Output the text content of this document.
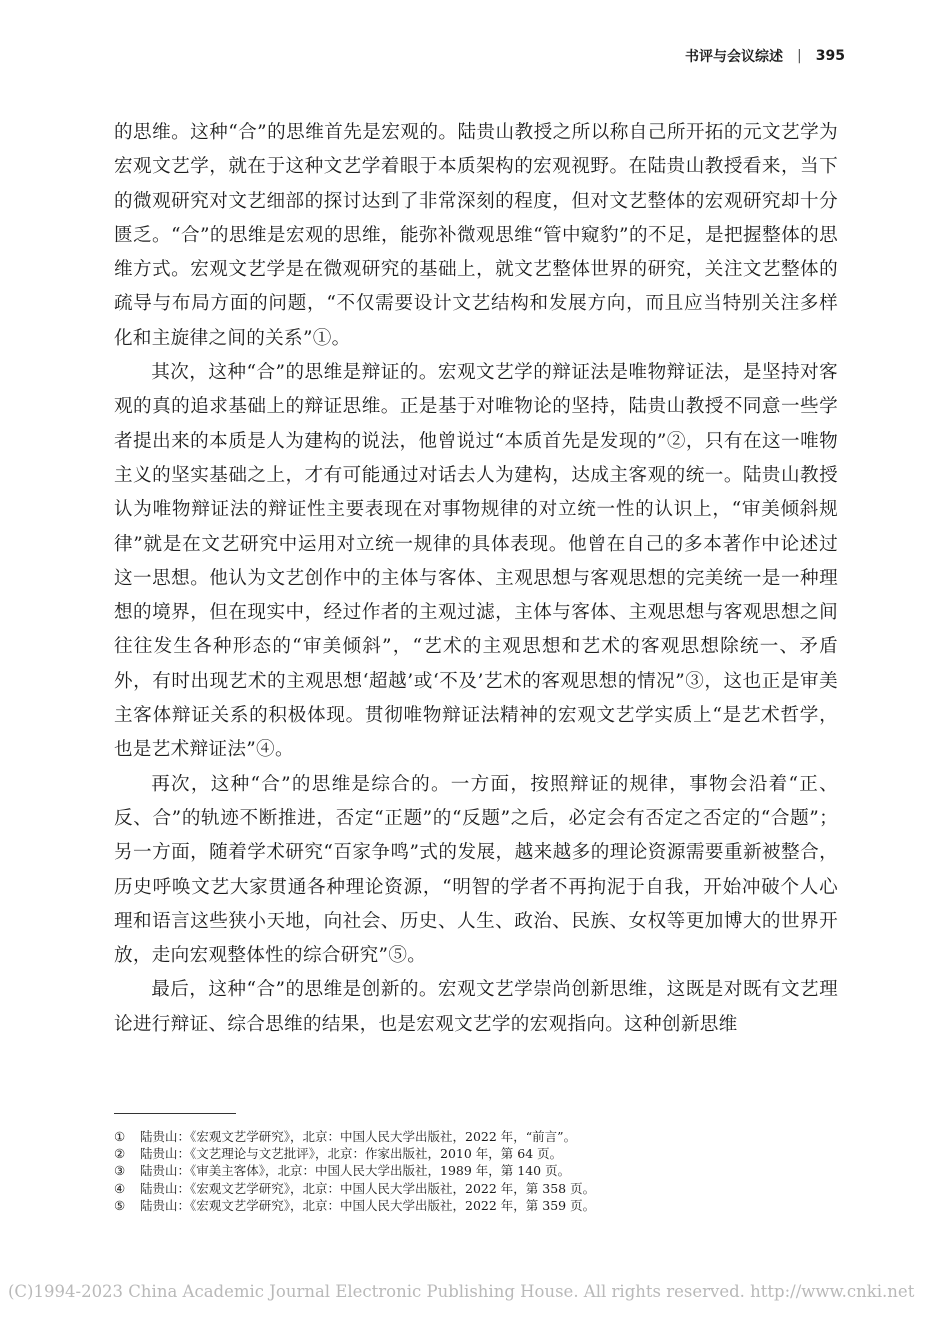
书评与会议综述 | 395

的思维。这种“合”的思维首先是宏观的。陆贵山教授之所以称自己所开拓的元文艺学为宏观文艺学，就在于这种文艺学着眼于本质架构的宏观视野。在陆贵山教授看来，当下的微观研究对文艺细部的探讨达到了非常深刻的程度，但对文艺整体的宏观研究却十分匮乏。“合”的思维是宏观的思维，能弥补微观思维“管中窥豹”的不足，是把握整体的思维方式。宏观文艺学是在微观研究的基础上，就文艺整体世界的研究，关注文艺整体的疏导与布局方面的问题，“不仅需要设计文艺结构和发展方向，而且应当特别关注多样化和主旋律之间的关系”①。

其次，这种“合”的思维是辩证的。宏观文艺学的辩证法是唯物辩证法，是坚持对客观的真的追求基础上的辩证思维。正是基于对唯物论的坚持，陆贵山教授不同意一些学者提出来的本质是人为建构的说法，他曾说过“本质首先是发现的”②，只有在这一唯物主义的坚实基础之上，才有可能通过对话去人为建构，达成主客观的统一。陆贵山教授认为唯物辩证法的辩证性主要表现在对事物规律的对立统一性的认识上，“审美倾斜规律”就是在文艺研究中运用对立统一规律的具体表现。他曾在自己的多本著作中论述过这一思想。他认为文艺创作中的主体与客体、主观思想与客观思想的完美统一是一种理想的境界，但在现实中，经过作者的主观过滤，主体与客体、主观思想与客观思想之间往往发生各种形态的“审美倾斜”，“艺术的主观思想和艺术的客观思想除统一、矛盾外，有时出现艺术的主观思想‘超越’或‘不及’艺术的客观思想的情况”③，这也正是审美主客体辩证关系的积极体现。贯彻唯物辩证法精神的宏观文艺学实质上“是艺术哲学，也是艺术辩证法”④。

再次，这种“合”的思维是综合的。一方面，按照辩证的规律，事物会沿着“正、反、合”的轨迹不断推进，否定“正题”的“反题”之后，必定会有否定之否定的“合题”；另一方面，随着学术研究“百家争鸣”式的发展，越来越多的理论资源需要重新被整合，历史呼唤文艺大家贯通各种理论资源，“明智的学者不再拘泥于自我，开始冲破个人心理和语言这些狭小天地，向社会、历史、人生、政治、民族、女权等更加博大的世界开放，走向宏观整体性的综合研究”⑤。

最后，这种“合”的思维是创新的。宏观文艺学崇尚创新思维，这既是对既有文艺理论进行辩证、综合思维的结果，也是宏观文艺学的宏观指向。这种创新思维

①	陆贵山：《宏观文艺学研究》，北京：中国人民大学出版社，2022 年，“前言”。
②	陆贵山：《文艺理论与文艺批评》，北京：作家出版社，2010 年，第 64 页。
③	陆贵山：《审美主客体》，北京：中国人民大学出版社，1989 年，第 140 页。
④	陆贵山：《宏观文艺学研究》，北京：中国人民大学出版社，2022 年，第 358 页。
⑤	陆贵山：《宏观文艺学研究》，北京：中国人民大学出版社，2022 年，第 359 页。
(C)1994-2023 China Academic Journal Electronic Publishing House. All rights reserved. http://www.cnki.net
